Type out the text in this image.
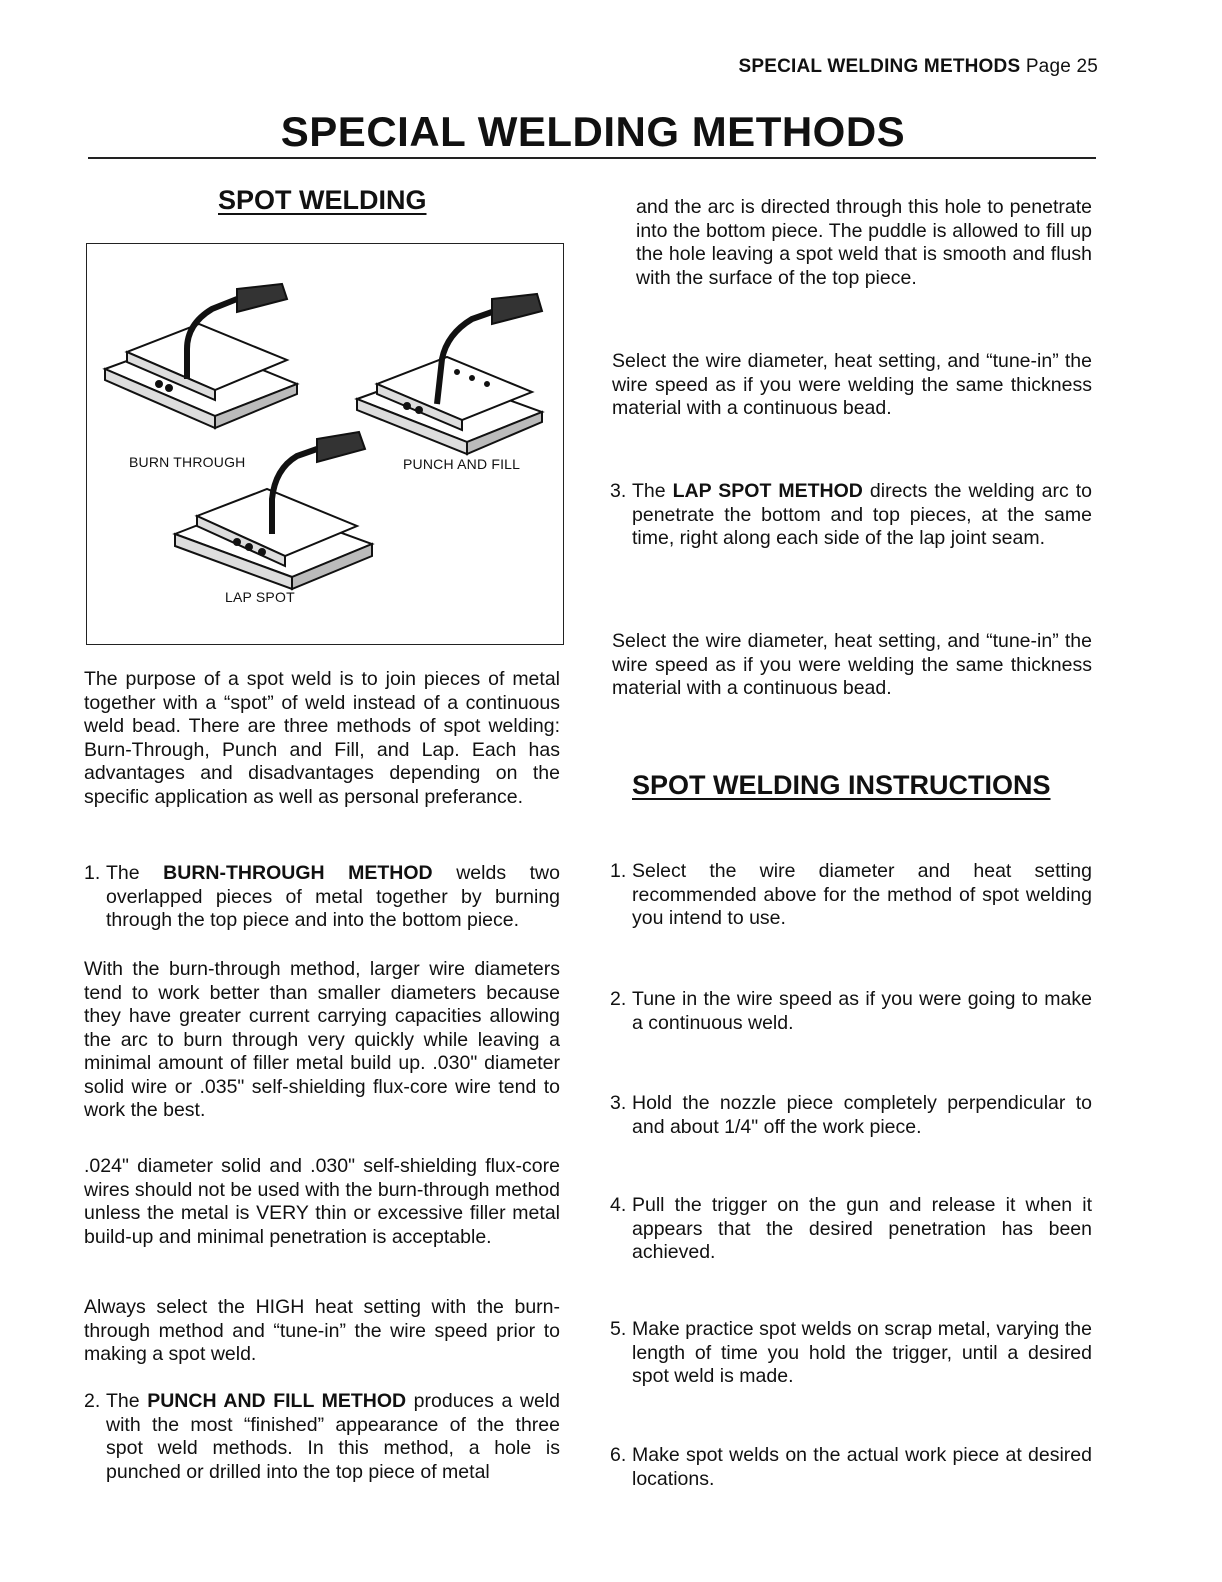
SPECIAL WELDING METHODS Page 25
SPECIAL WELDING METHODS
SPOT WELDING
BURN THROUGH	PUNCH AND FILL
LAP SPOT

The purpose of a spot weld is to join pieces of metal together with a “spot” of weld instead of a continuous weld bead. There are three methods of spot welding: Burn-Through, Punch and Fill, and Lap. Each has advantages and disadvantages depending on the specific application as well as personal preferance.

1. The BURN-THROUGH METHOD welds two overlapped pieces of metal together by burning through the top piece and into the bottom piece.

With the burn-through method, larger wire diameters tend to work better than smaller diameters because they have greater current carrying capacities allowing the arc to burn through very quickly while leaving a minimal amount of filler metal build up. .030" diameter solid wire or .035" self-shielding flux-core wire tend to work the best.

.024" diameter solid and .030" self-shielding flux-core wires should not be used with the burn-through method unless the metal is VERY thin or excessive filler metal build-up and minimal penetration is acceptable.

Always select the HIGH heat setting with the burn-through method and “tune-in” the wire speed prior to making a spot weld.

2. The PUNCH AND FILL METHOD produces a weld with the most “finished” appearance of the three spot weld methods. In this method, a hole is punched or drilled into the top piece of metal

and the arc is directed through this hole to penetrate into the bottom piece. The puddle is allowed to fill up the hole leaving a spot weld that is smooth and flush with the surface of the top piece.

Select the wire diameter, heat setting, and “tune-in” the wire speed as if you were welding the same thickness material with a continuous bead.

3. The LAP SPOT METHOD directs the welding arc to penetrate the bottom and top pieces, at the same time, right along each side of the lap joint seam.

Select the wire diameter, heat setting, and “tune-in” the wire speed as if you were welding the same thickness material with a continuous bead.

SPOT WELDING INSTRUCTIONS
1. Select the wire diameter and heat setting recommended above for the method of spot welding you intend to use.
2. Tune in the wire speed as if you were going to make a continuous weld.
3. Hold the nozzle piece completely perpendicular to and about 1/4" off the work piece.
4. Pull the trigger on the gun and release it when it appears that the desired penetration has been achieved.
5. Make practice spot welds on scrap metal, varying the length of time you hold the trigger, until a desired spot weld is made.
6. Make spot welds on the actual work piece at desired locations.
